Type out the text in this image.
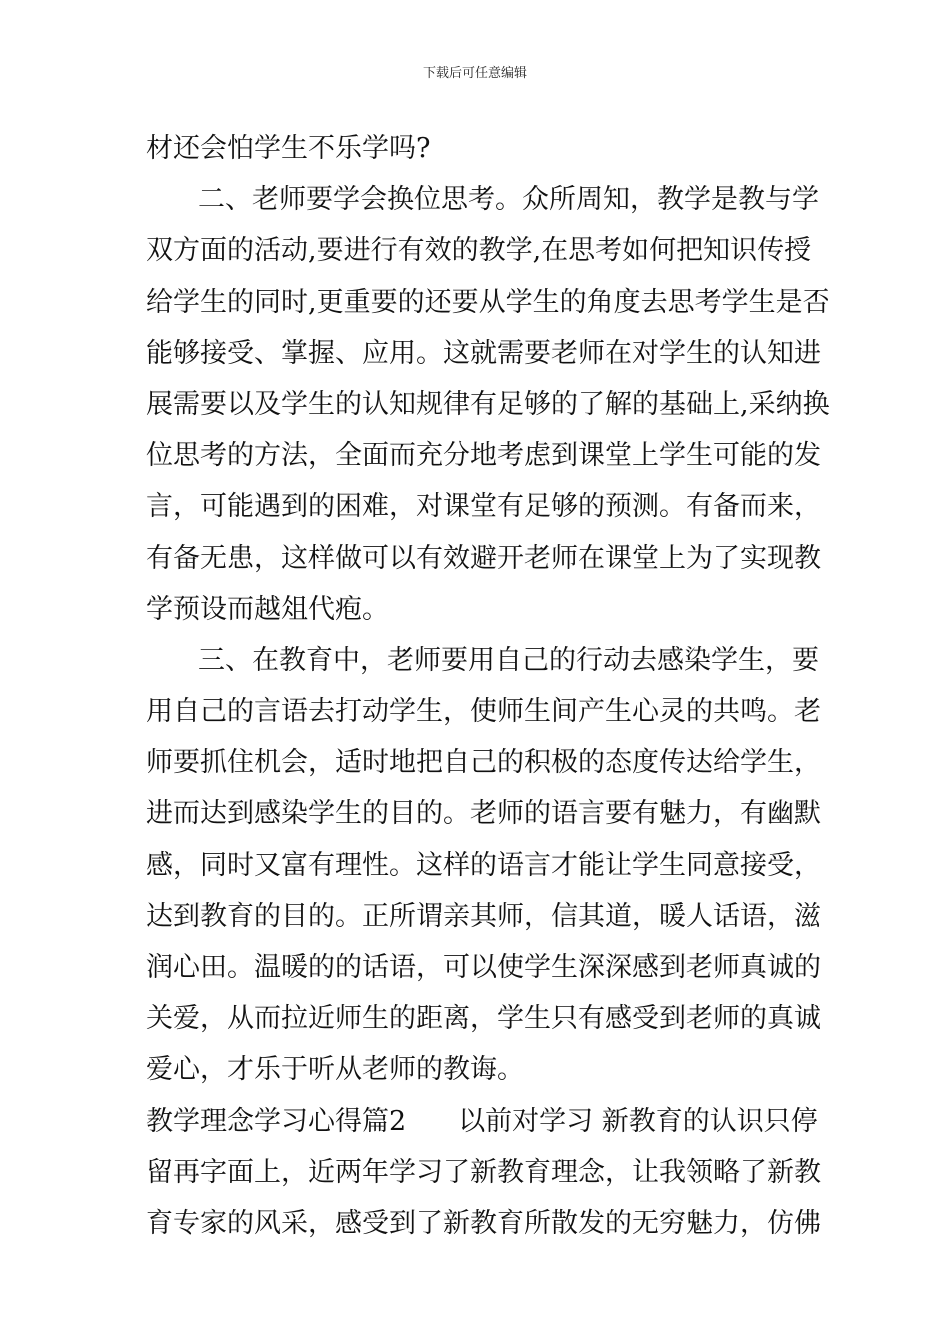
下载后可任意编辑
材还会怕学生不乐学吗?
二、老师要学会换位思考。众所周知，教学是教与学
双方面的活动,要进行有效的教学,在思考如何把知识传授
给学生的同时,更重要的还要从学生的角度去思考学生是否
能够接受、掌握、应用。这就需要老师在对学生的认知进
展需要以及学生的认知规律有足够的了解的基础上,采纳换
位思考的方法，全面而充分地考虑到课堂上学生可能的发
言，可能遇到的困难，对课堂有足够的预测。有备而来，
有备无患，这样做可以有效避开老师在课堂上为了实现教
学预设而越俎代疱。
三、在教育中，老师要用自己的行动去感染学生，要
用自己的言语去打动学生，使师生间产生心灵的共鸣。老
师要抓住机会，适时地把自己的积极的态度传达给学生，
进而达到感染学生的目的。老师的语言要有魅力，有幽默
感，同时又富有理性。这样的语言才能让学生同意接受，
达到教育的目的。正所谓亲其师，信其道，暖人话语，滋
润心田。温暖的的话语，可以使学生深深感到老师真诚的
关爱，从而拉近师生的距离，学生只有感受到老师的真诚
爱心，才乐于听从老师的教诲。
教学理念学习心得篇2 以前对学习 新教育的认识只停
留再字面上，近两年学习了新教育理念，让我领略了新教
育专家的风采，感受到了新教育所散发的无穷魅力，仿佛
